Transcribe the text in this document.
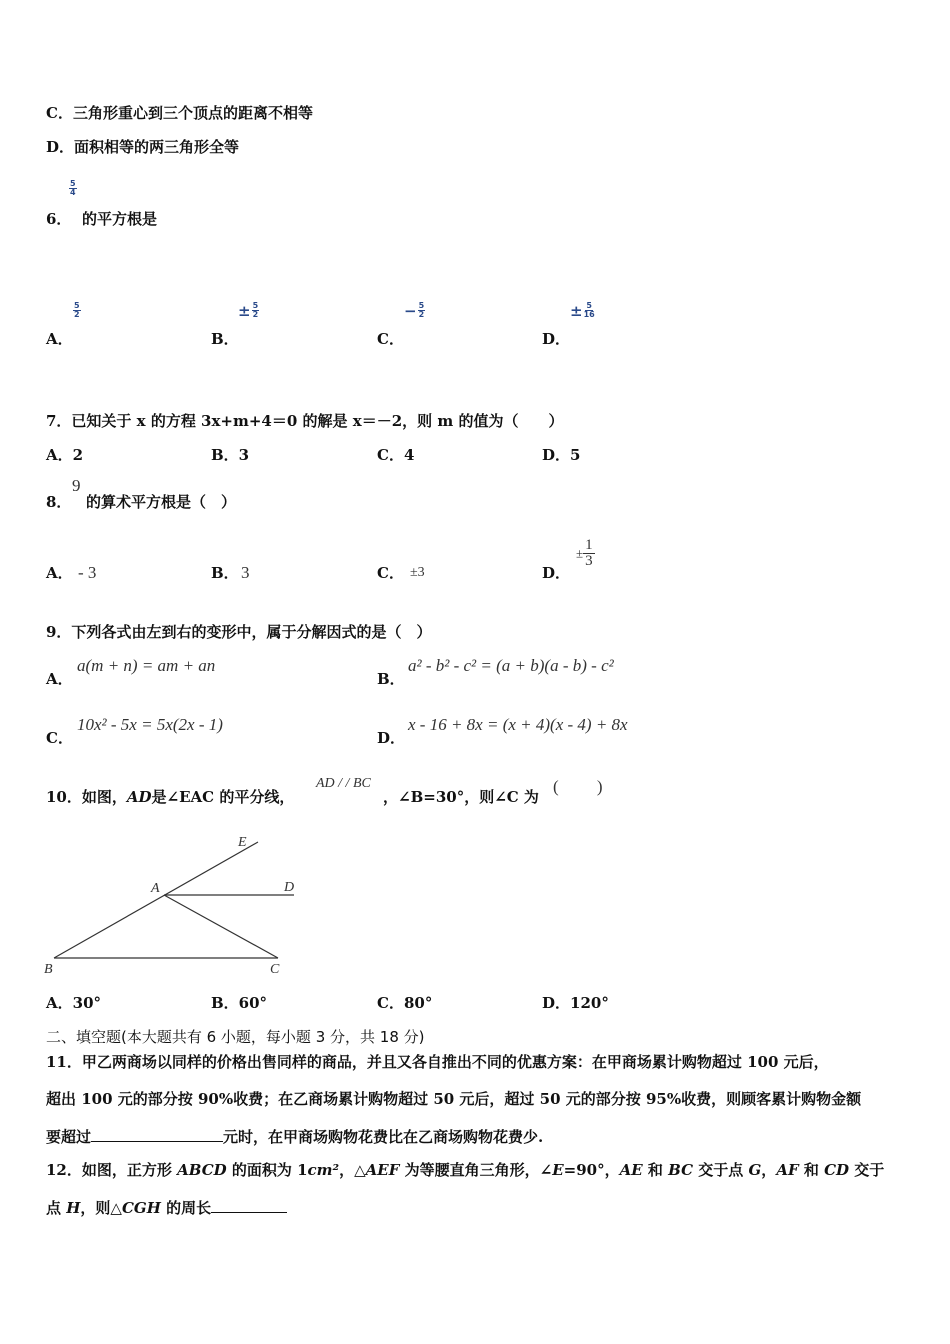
C．三角形重心到三个顶点的距离不相等
D．面积相等的两三角形全等
6．
$\frac{5}{4}$
的平方根是
A．
$\frac{5}{2}$
B．
± $\frac{5}{2}$
C．
− $\frac{5}{2}$
D．
± $\frac{5}{16}$
7．已知关于 x 的方程 3x+m+4＝0 的解是 x＝－2，则 m 的值为（　　）
A．2	B．3	C．4	D．5
8．
9
的算术平方根是（　）
A． - 3	B． 3	C． ±3	D．
± $\frac{1}{3}$
9．下列各式由左到右的变形中，属于分解因式的是（　）
A．
a(m + n) = am + an
B．
a² - b² - c² = (a + b)(a - b) - c²
C．
10x² - 5x = 5x(2x - 1)
D．
x - 16 + 8x = (x + 4)(x - 4) + 8x
10．如图，AD是∠EAC 的平分线，
AD / / BC
，∠B=30°，则∠C 为
(　　 )
E
A	D
B	C
A．30°	B．60°	C．80°	D．120°
二、填空题(本大题共有 6 小题，每小题 3 分，共 18 分)
11．甲乙两商场以同样的价格出售同样的商品，并且又各自推出不同的优惠方案：在甲商场累计购物超过 100 元后，
超出 100 元的部分按 90%收费；在乙商场累计购物超过 50 元后，超过 50 元的部分按 95%收费，则顾客累计购物金额
要超过	元时，在甲商场购物花费比在乙商场购物花费少.
12．如图，正方形 ABCD 的面积为 1cm²，△AEF 为等腰直角三角形，∠E=90°，AE 和 BC 交于点 G，AF 和 CD 交于
点 H，则△CGH 的周长
